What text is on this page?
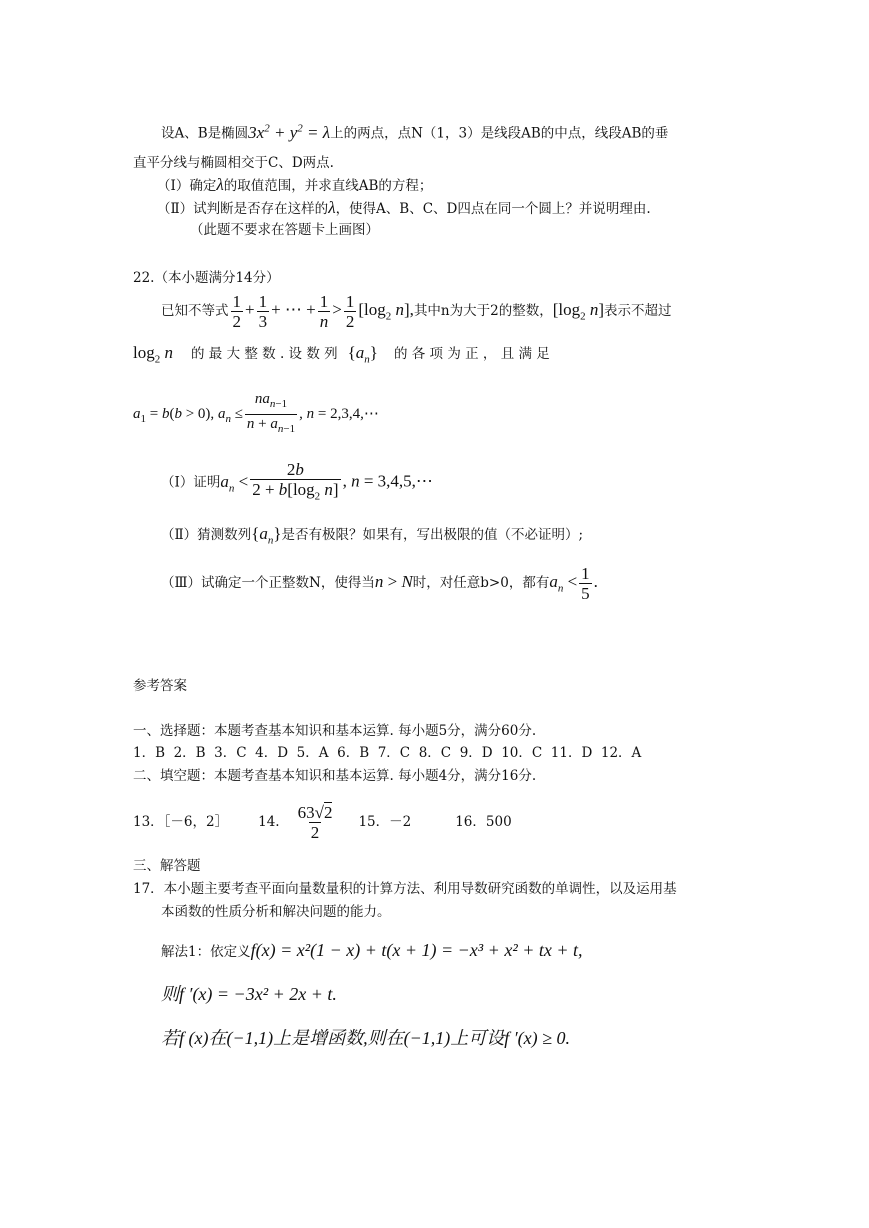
设A、B是椭圆$3x^2 + y^2 = \lambda$上的两点，点N（1，3）是线段AB的中点，线段AB的垂
直平分线与椭圆相交于C、D两点.
（Ⅰ）确定λ的取值范围，并求直线AB的方程；
（Ⅱ）试判断是否存在这样的λ，使得A、B、C、D四点在同一个圆上？并说明理由.
（此题不要求在答题卡上画图）
22.（本小题满分14分）
已知不等式 $\frac{1}{2} + \frac{1}{3}$ + ⋯ + $\frac{1}{n} > \frac{1}{2} [\log_2$ n],其中n为大于2的整数，[$\log_2$ n]表示不超过
$\log_2 n$ 的 最 大 整 数 . 设 数 列 $\{a_n\}$ 的 各 项 为 正 ， 且 满 足
$a_1 = b(b > 0)$, $a_n \le \frac{na_{n-1}}{n + a_{n-1}}$ , n = 2,3,4,⋯
（Ⅰ）证明$a_n < \frac{2b}{2 + b[\log_2 n]}$ , n = 3,4,5,⋯
（Ⅱ）猜测数列$\{a_n\}$是否有极限？如果有，写出极限的值（不必证明）;
（Ⅲ）试确定一个正整数N，使得当n > N时，对任意b>0，都有$a_n < \frac{1}{5}$ .
参考答案
一、选择题：本题考查基本知识和基本运算. 每小题5分，满分60分.
1．B  2．B  3．C  4．D  5．A  6．B  7．C  8．C  9．D  10．C  11．D  12．A
二、填空题：本题考查基本知识和基本运算. 每小题4分，满分16分.
13．［－6，2］ 14. $\frac{63√2}{2} 15$．－2	16．500
三、解答题
17．本小题主要考查平面向量数量积的计算方法、利用导数研究函数的单调性，以及运用基
本函数的性质分析和解决问题的能力。
解法1：依定义f(x) = x²(1 − x) + t(x + 1) = −x³ + x² + tx + t,
则f ′(x) = −3x² + 2x + t.
若f (x)在(−1,1)上是增函数,则在(−1,1)上可设f ′(x) ≥ 0.
